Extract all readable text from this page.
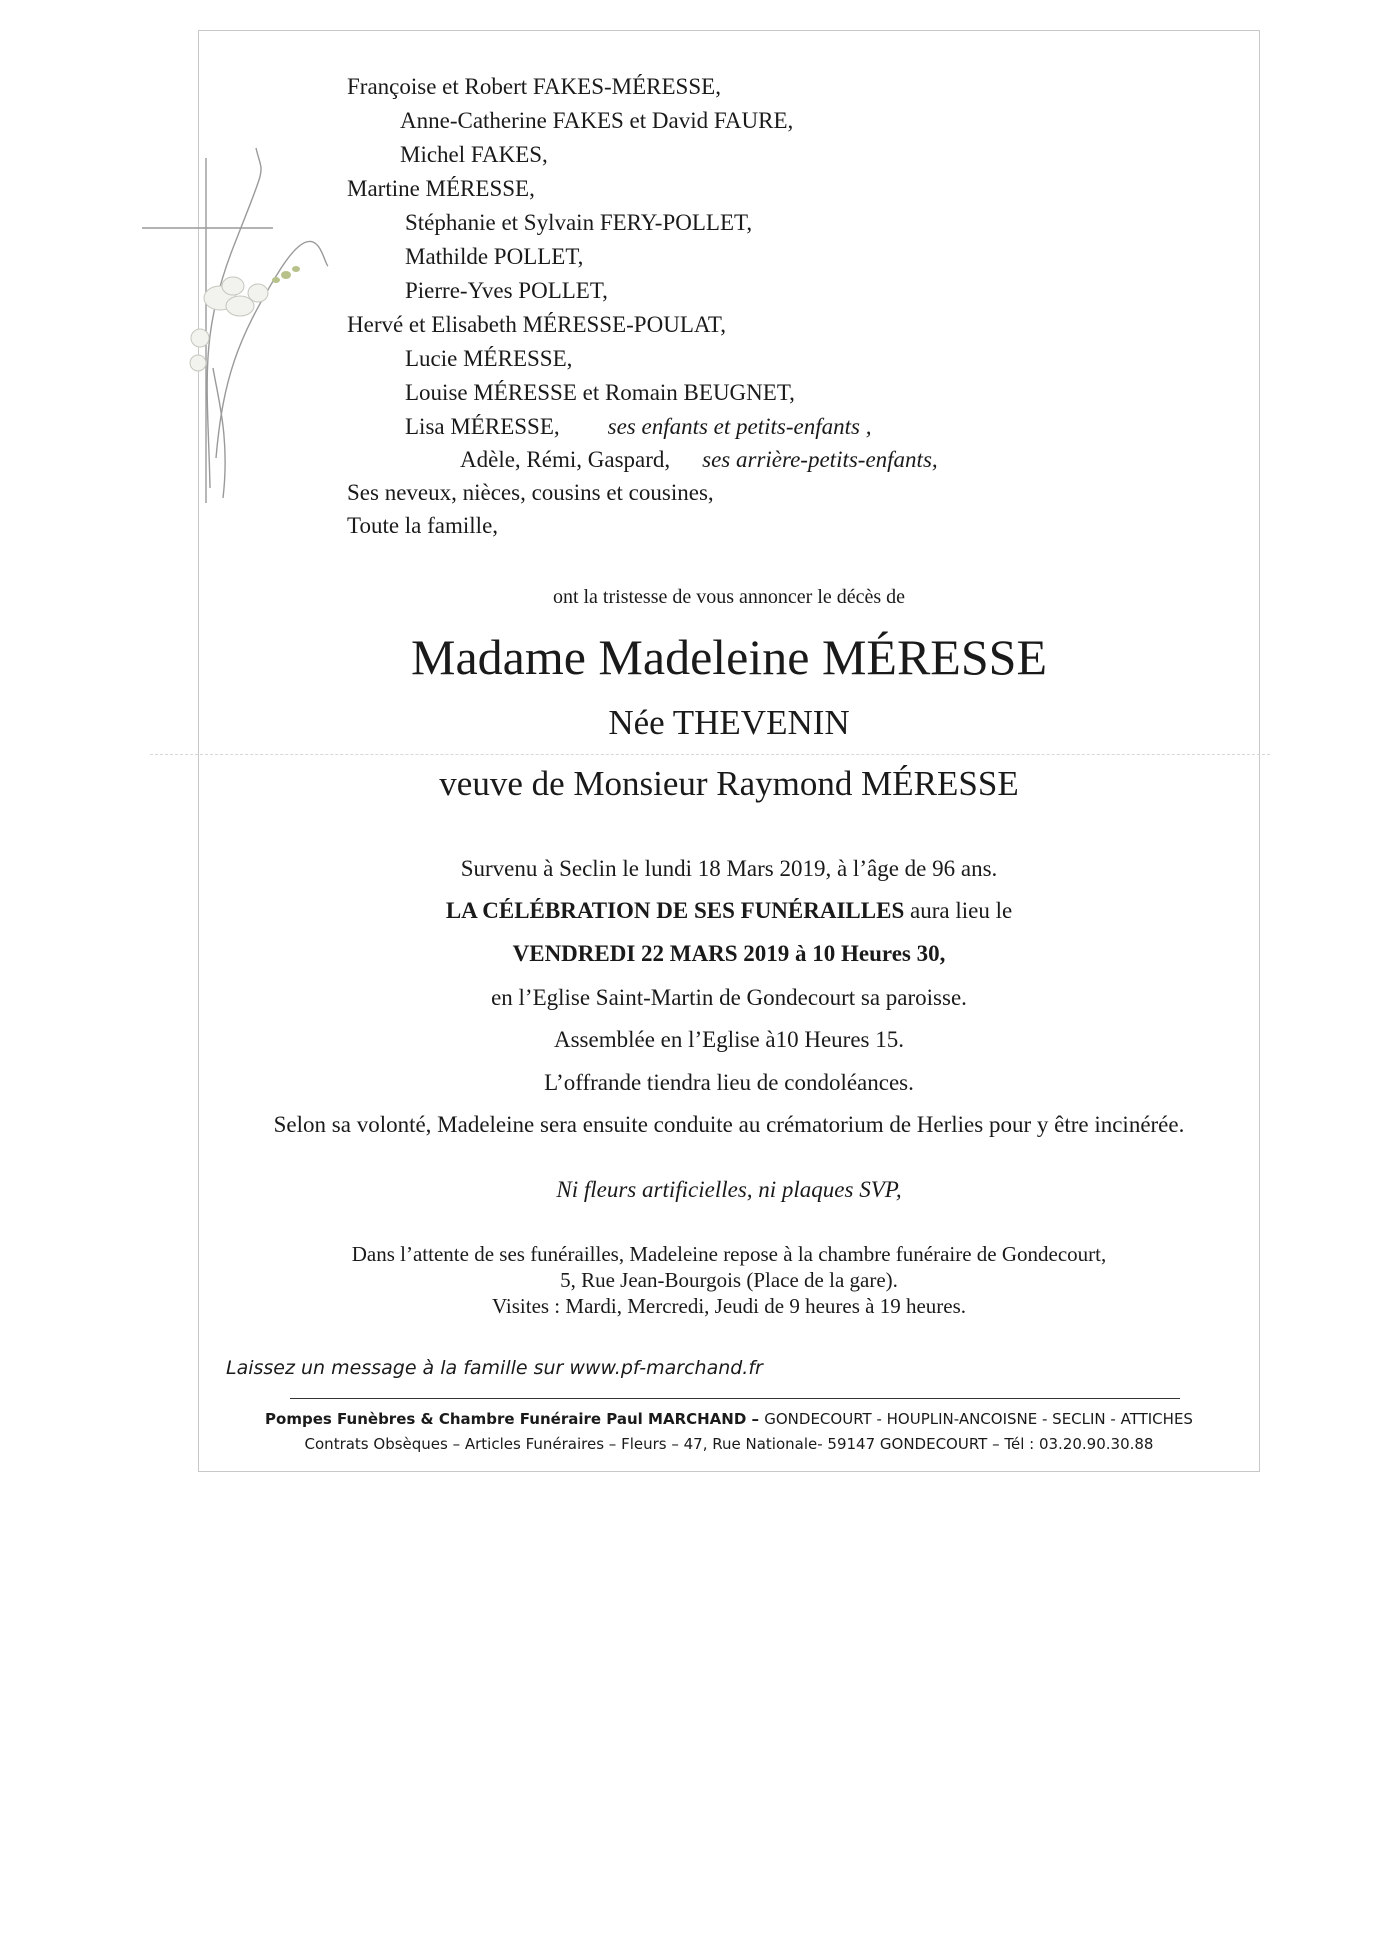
Françoise et Robert FAKES-MÉRESSE,
Anne-Catherine FAKES et David FAURE,
Michel FAKES,
Martine MÉRESSE,
Stéphanie et Sylvain FERY-POLLET,
Mathilde POLLET,
Pierre-Yves POLLET,
Hervé et Elisabeth MÉRESSE-POULAT,
Lucie MÉRESSE,
Louise MÉRESSE et Romain BEUGNET,
Lisa MÉRESSE, ses enfants et petits-enfants ,
Adèle, Rémi, Gaspard, ses arrière-petits-enfants,
Ses neveux, nièces, cousins et cousines,
Toute la famille,
ont la tristesse de vous annoncer le décès de
Madame Madeleine MÉRESSE
Née THEVENIN
veuve de Monsieur Raymond MÉRESSE
Survenu à Seclin le lundi 18 Mars 2019, à l’âge de 96 ans.
LA CÉLÉBRATION DE SES FUNÉRAILLES aura lieu le
VENDREDI 22 MARS 2019 à 10 Heures 30,
en l’Eglise Saint-Martin de Gondecourt sa paroisse.
Assemblée en l’Eglise à10 Heures 15.
L’offrande tiendra lieu de condoléances.
Selon sa volonté, Madeleine sera ensuite conduite au crématorium de Herlies pour y être incinérée.
Ni fleurs artificielles, ni plaques SVP,
Dans l’attente de ses funérailles, Madeleine repose à la chambre funéraire de Gondecourt,
5, Rue Jean-Bourgois (Place de la gare).
Visites : Mardi, Mercredi, Jeudi de 9 heures à 19 heures.
Laissez un message à la famille sur www.pf-marchand.fr
Pompes Funèbres & Chambre Funéraire Paul MARCHAND – GONDECOURT - HOUPLIN-ANCOISNE - SECLIN - ATTICHES
Contrats Obsèques – Articles Funéraires – Fleurs – 47, Rue Nationale- 59147 GONDECOURT – Tél : 03.20.90.30.88
